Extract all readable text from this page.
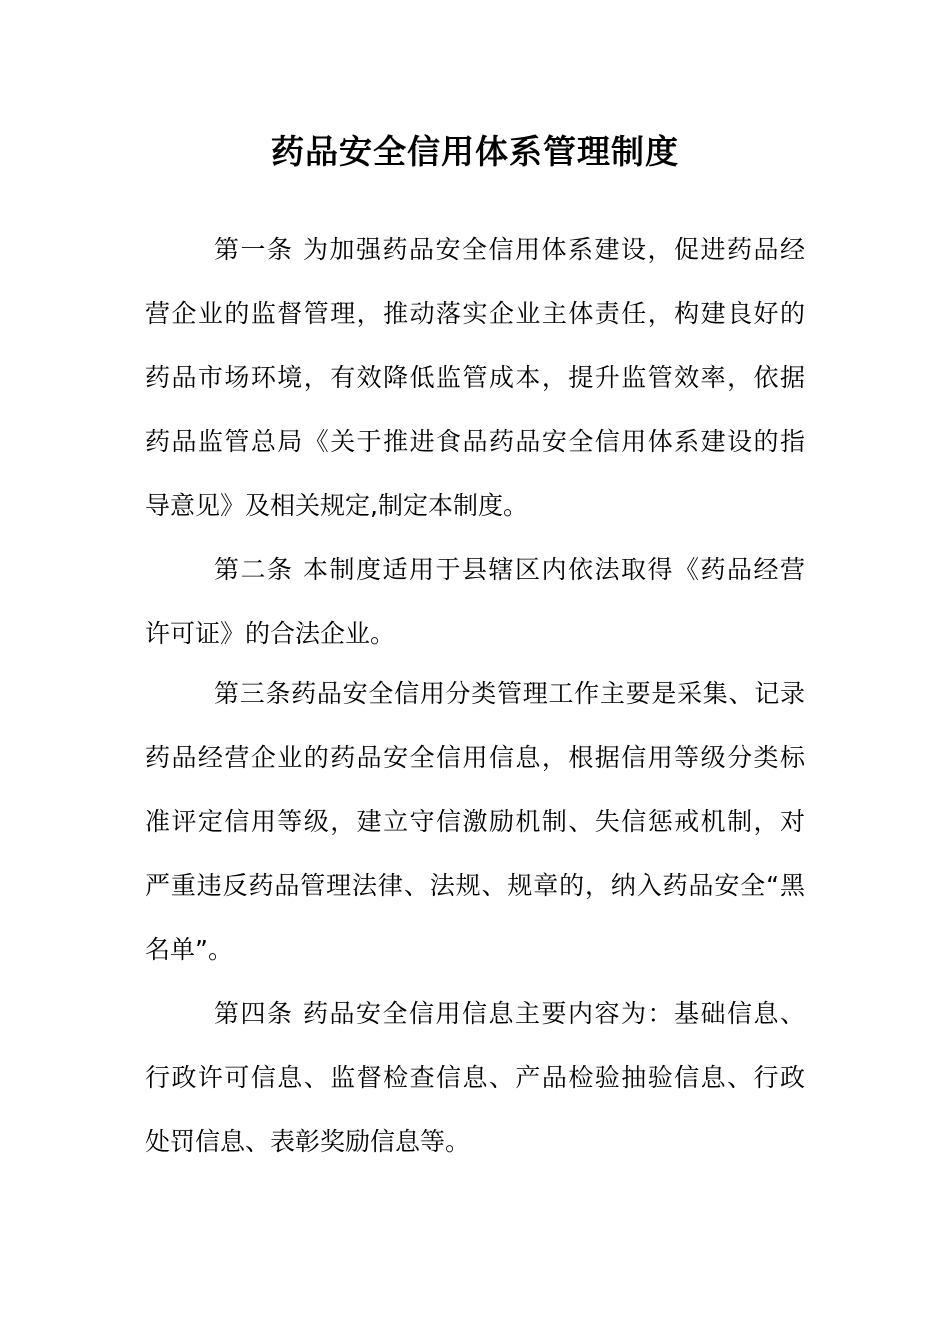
药品安全信用体系管理制度
第一条 为加强药品安全信用体系建设，促进药品经
营企业的监督管理，推动落实企业主体责任，构建良好的
药品市场环境，有效降低监管成本，提升监管效率，依据
药品监管总局《关于推进食品药品安全信用体系建设的指
导意见》及相关规定,制定本制度。
第二条 本制度适用于县辖区内依法取得《药品经营
许可证》的合法企业。
第三条药品安全信用分类管理工作主要是采集、记录
药品经营企业的药品安全信用信息，根据信用等级分类标
准评定信用等级，建立守信激励机制、失信惩戒机制，对
严重违反药品管理法律、法规、规章的，纳入药品安全“黑
名单”。
第四条 药品安全信用信息主要内容为：基础信息、
行政许可信息、监督检查信息、产品检验抽验信息、行政
处罚信息、表彰奖励信息等。
